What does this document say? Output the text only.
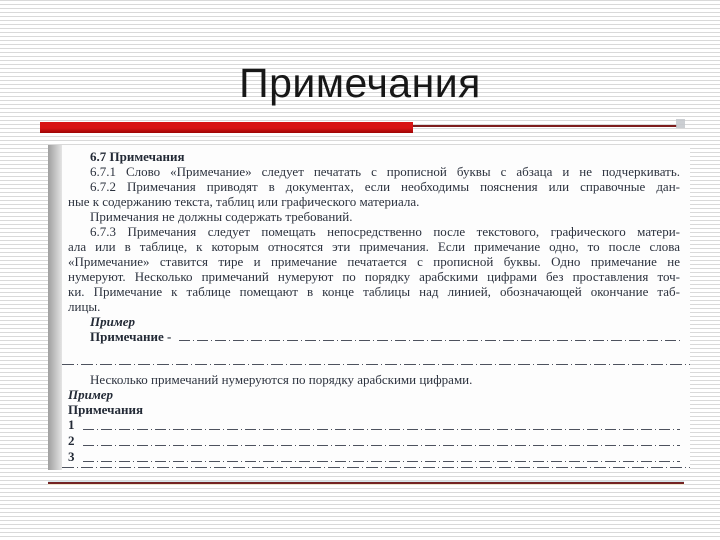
Примечания
6.7 Примечания
6.7.1 Слово «Примечание» следует печатать с прописной буквы с абзаца и не подчеркивать.
6.7.2 Примечания приводят в документах, если необходимы пояснения или справочные дан-
ные к содержанию текста, таблиц или графического материала.
Примечания не должны содержать требований.
6.7.3 Примечания следует помещать непосредственно после текстового, графического матери-
ала или в таблице, к которым относятся эти примечания. Если примечание одно, то после слова
«Примечание» ставится тире и примечание печатается с прописной буквы. Одно примечание не
нумеруют. Несколько примечаний нумеруют по порядку арабскими цифрами без проставления точ-
ки. Примечание к таблице помещают в конце таблицы над линией, обозначающей окончание таб-
лицы.
Пример
Примечание -
Несколько примечаний нумеруются по порядку арабскими цифрами.
Пример
Примечания
1
2
3
